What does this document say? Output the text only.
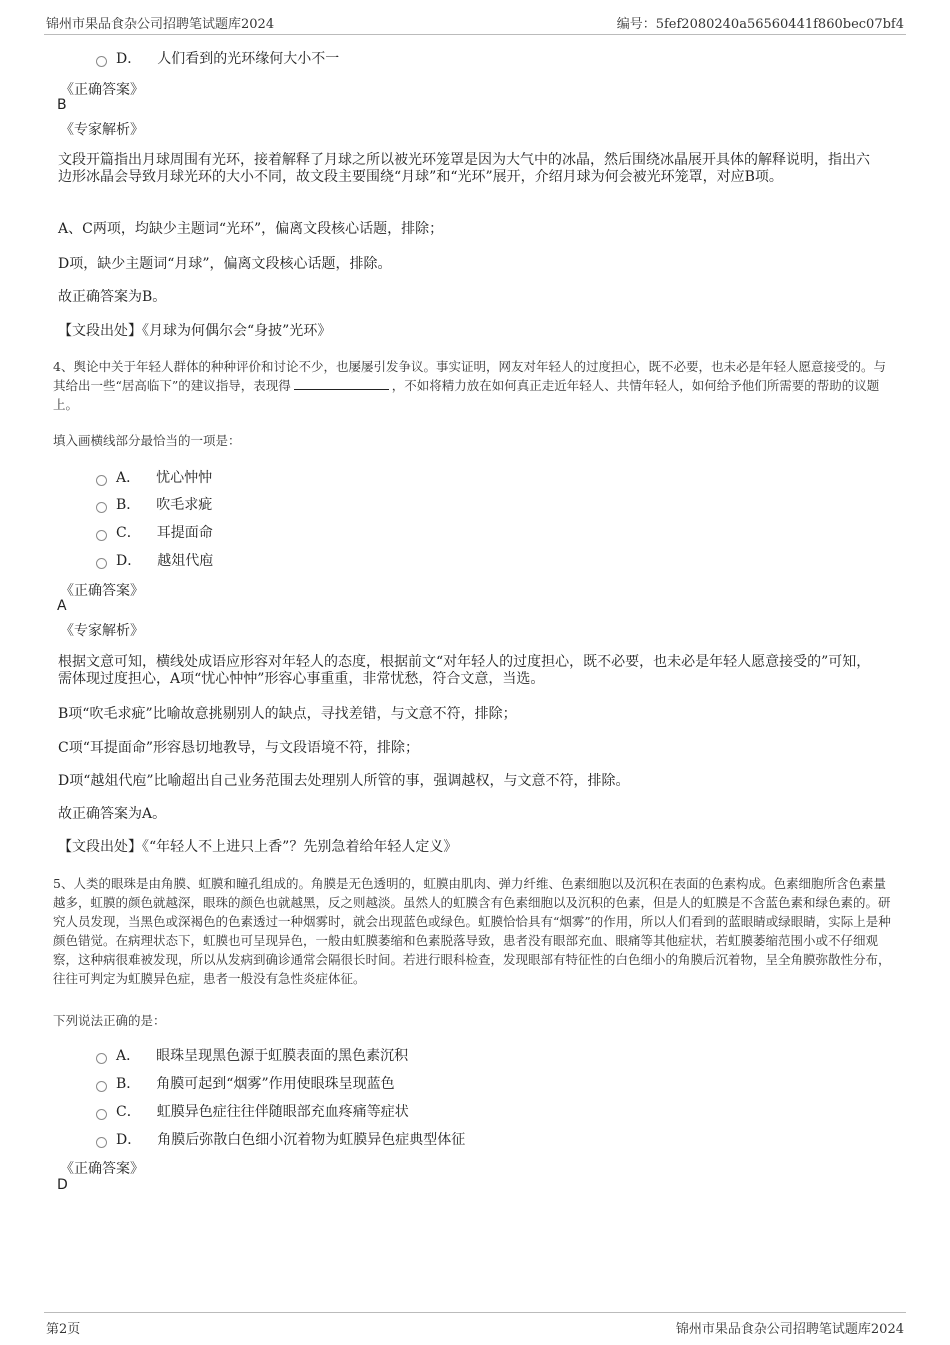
锦州市果品食杂公司招聘笔试题库2024	编号：5fef2080240a56560441f860bec07bf4
D． 人们看到的光环缘何大小不一
《正确答案》
B
《专家解析》
文段开篇指出月球周围有光环，接着解释了月球之所以被光环笼罩是因为大气中的冰晶，然后围绕冰晶展开具体的解释说明，指出六边形冰晶会导致月球光环的大小不同，故文段主要围绕“月球”和“光环”展开，介绍月球为何会被光环笼罩，对应B项。
A、C两项，均缺少主题词“光环”，偏离文段核心话题，排除；
D项，缺少主题词“月球”，偏离文段核心话题，排除。
故正确答案为B。
【文段出处】《月球为何偶尔会“身披”光环》
4、舆论中关于年轻人群体的种种评价和讨论不少，也屡屡引发争议。事实证明，网友对年轻人的过度担心，既不必要，也未必是年轻人愿意接受的。与其给出一些“居高临下”的建议指导，表现得	，不如将精力放在如何真正走近年轻人、共情年轻人，如何给予他们所需要的帮助的议题上。
填入画横线部分最恰当的一项是：
A． 忧心忡忡
B． 吹毛求疵
C． 耳提面命
D． 越俎代庖
《正确答案》
A
《专家解析》
根据文意可知，横线处成语应形容对年轻人的态度，根据前文“对年轻人的过度担心，既不必要，也未必是年轻人愿意接受的”可知，需体现过度担心，A项“忧心忡忡”形容心事重重，非常忧愁，符合文意，当选。
B项“吹毛求疵”比喻故意挑剔别人的缺点，寻找差错，与文意不符，排除；
C项“耳提面命”形容恳切地教导，与文段语境不符，排除；
D项“越俎代庖”比喻超出自己业务范围去处理别人所管的事，强调越权，与文意不符，排除。
故正确答案为A。
【文段出处】《“年轻人不上进只上香”？先别急着给年轻人定义》
5、人类的眼珠是由角膜、虹膜和瞳孔组成的。角膜是无色透明的，虹膜由肌肉、弹力纤维、色素细胞以及沉积在表面的色素构成。色素细胞所含色素量越多，虹膜的颜色就越深，眼珠的颜色也就越黑，反之则越淡。虽然人的虹膜含有色素细胞以及沉积的色素，但是人的虹膜是不含蓝色素和绿色素的。研究人员发现，当黑色或深褐色的色素透过一种烟雾时，就会出现蓝色或绿色。虹膜恰恰具有“烟雾”的作用，所以人们看到的蓝眼睛或绿眼睛，实际上是种颜色错觉。在病理状态下，虹膜也可呈现异色，一般由虹膜萎缩和色素脱落导致，患者没有眼部充血、眼痛等其他症状，若虹膜萎缩范围小或不仔细观察，这种病很难被发现，所以从发病到确诊通常会隔很长时间。若进行眼科检查，发现眼部有特征性的白色细小的角膜后沉着物，呈全角膜弥散性分布，往往可判定为虹膜异色症，患者一般没有急性炎症体征。
下列说法正确的是：
A． 眼珠呈现黑色源于虹膜表面的黑色素沉积
B． 角膜可起到“烟雾”作用使眼珠呈现蓝色
C． 虹膜异色症往往伴随眼部充血疼痛等症状
D． 角膜后弥散白色细小沉着物为虹膜异色症典型体征
《正确答案》
D
第2页	锦州市果品食杂公司招聘笔试题库2024
